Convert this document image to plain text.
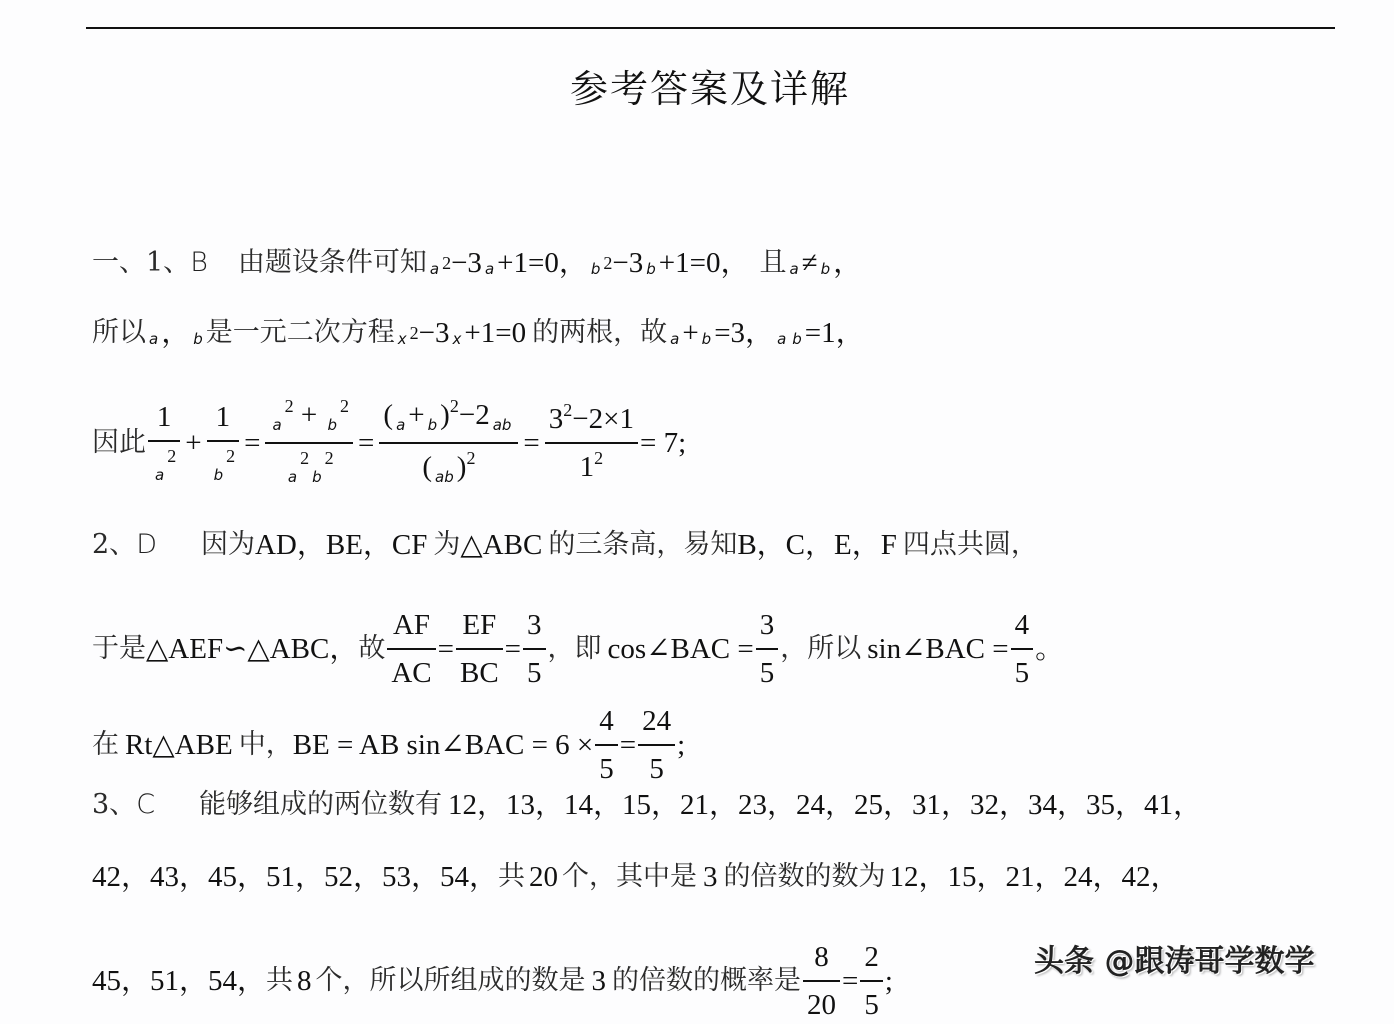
参考答案及详解
一、1、 B 由题设条件可知 a 2 −3 a +1=0， b 2 −3 b +1=0， 且 a ≠ b ，
所以 a ， b 是一元二次方程 x 2 −3 x +1=0 的两根，故 a + b =3， a b =1，
因此 $\frac{1}{_a^2} + \frac{1}{_b^2} = \frac{_a^2 + _b^2}{_a^2_b^2} = \frac{( _a + _b )^2-2 _{ab}}{( _{ab} )^2} = \frac{3^2-2\times 1}{1^2} = 7$;
2、 D 因为 AD，BE，CF 为 △ABC 的三条高，易知 B，C，E，F 四点共圆，
于是 △AEF∽△ABC， 故 $\frac{AF}{AC} = \frac{EF}{BC} = \frac{3}{5}$ ，即 cos∠BAC = $\frac{3}{5}$ ，所以 sin∠BAC = $\frac{4}{5}$ 。
在 Rt△ABE 中， BE = AB sin∠BAC = $6 \times \frac{4}{5} = \frac{24}{5}$ ;
3、 C 能够组成的两位数有 12，13，14，15，21，23，24，25，31，32，34，35，41，
42，43，45，51，52，53，54， 共 20 个，其中是 3 的倍数的数为 12，15，21，24，42，
45，51，54， 共 8 个，所以所组成的数是 3 的倍数的概率是 $\frac{8}{20} = \frac{2}{5}$ ;
头条 @跟涛哥学数学
